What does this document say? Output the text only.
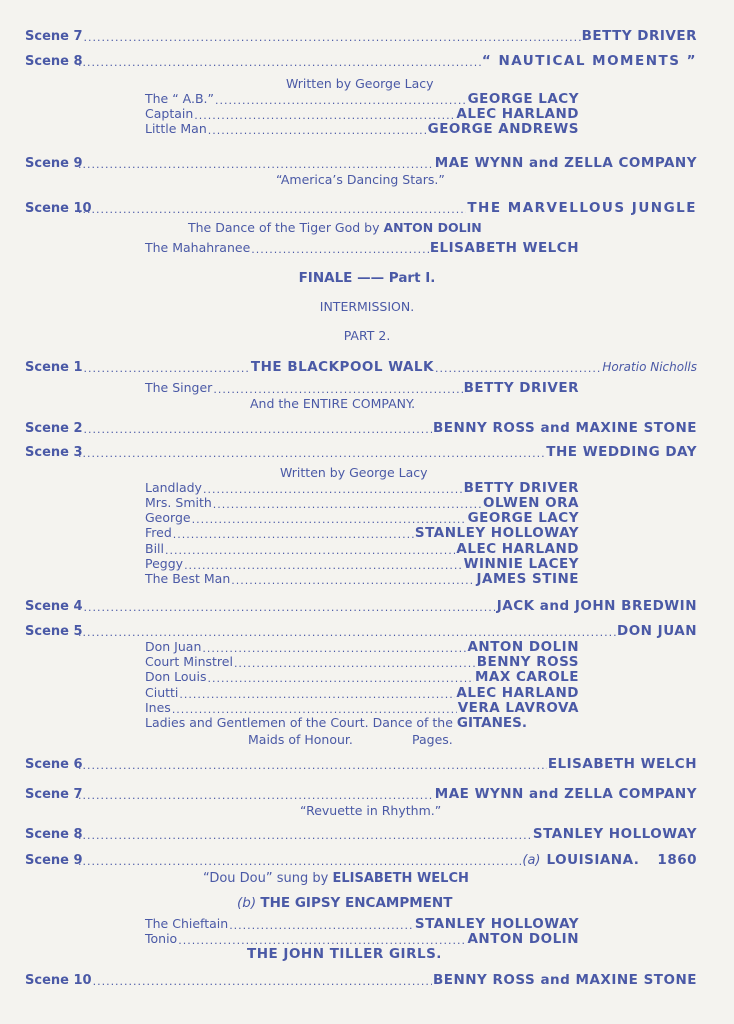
Scene 7 .....	BETTY DRIVER
Scene 8 .....	“ NAUTICAL MOMENTS ”
Written by George Lacy
The “ A.B.” .....	GEORGE LACY
Captain .....	ALEC HARLAND
Little Man .....	GEORGE ANDREWS
Scene 9 .....	MAE WYNN and ZELLA COMPANY
“America’s Dancing Stars.”
Scene 10 .....	THE MARVELLOUS JUNGLE
The Dance of the Tiger God by ANTON DOLIN
The Mahahranee .....	ELISABETH WELCH
FINALE —— Part I.
INTERMISSION.
PART 2.
Scene 1 .....	THE BLACKPOOL WALK .....	Horatio Nicholls
The Singer .....	BETTY DRIVER
And the ENTIRE COMPANY.
Scene 2 .....	BENNY ROSS and MAXINE STONE
Scene 3 .....	THE WEDDING DAY
Written by George Lacy
Landlady .....	BETTY DRIVER
Mrs. Smith .....	OLWEN ORA
George .....	GEORGE LACY
Fred .....	STANLEY HOLLOWAY
Bill .....	ALEC HARLAND
Peggy .....	WINNIE LACEY
The Best Man .....	JAMES STINE
Scene 4 .....	JACK and JOHN BREDWIN
Scene 5 .....	DON JUAN
Don Juan .....	ANTON DOLIN
Court Minstrel .....	BENNY ROSS
Don Louis .....	MAX CAROLE
Ciutti .....	ALEC HARLAND
Ines .....	VERA LAVROVA
Ladies and Gentlemen of the Court. Dance of the GITANES.
Maids of Honour.	Pages.
Scene 6 .....	ELISABETH WELCH
Scene 7 .....	MAE WYNN and ZELLA COMPANY
“Revuette in Rhythm.”
Scene 8 .....	STANLEY HOLLOWAY
Scene 9 .....	(a) LOUISIANA. 1860
“Dou Dou” sung by ELISABETH WELCH
(b) THE GIPSY ENCAMPMENT
The Chieftain .....	STANLEY HOLLOWAY
Tonio .....	ANTON DOLIN
THE JOHN TILLER GIRLS.
Scene 10 .....	BENNY ROSS and MAXINE STONE
